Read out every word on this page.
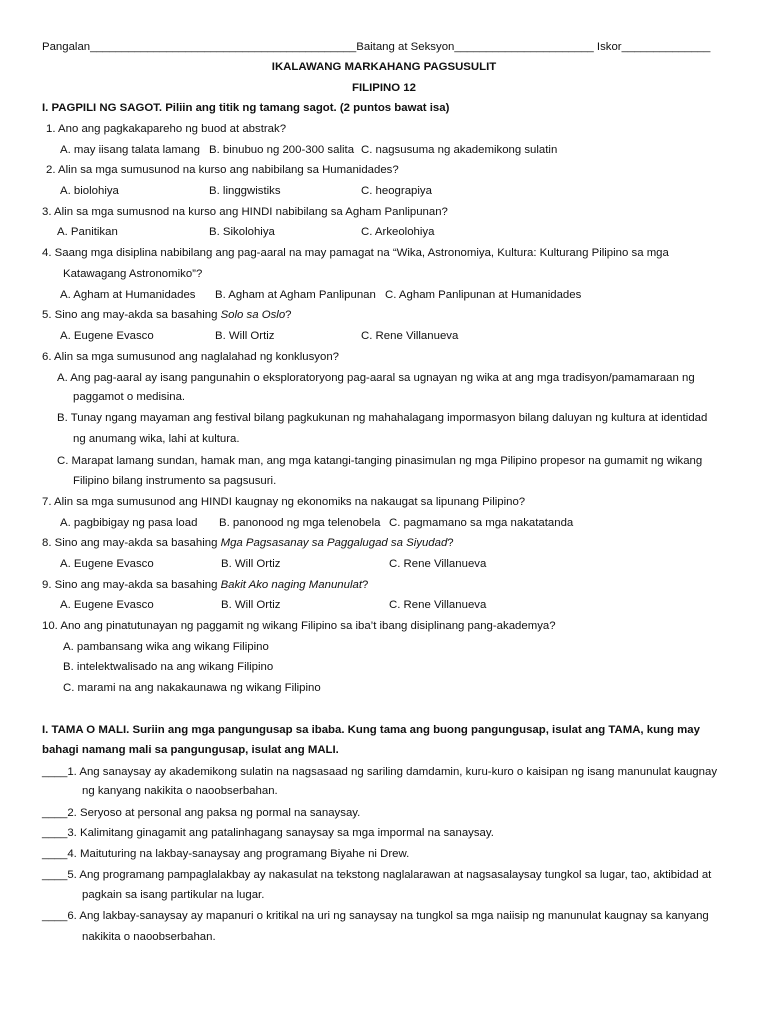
Pangalan__________________________________________Baitang at Seksyon______________________ Iskor______________
IKALAWANG MARKAHANG PAGSUSULIT
FILIPINO 12
I. PAGPILI NG SAGOT. Piliin ang titik ng tamang sagot. (2 puntos bawat isa)
1. Ano ang pagkakapareho ng buod at abstrak?
A. may iisang talata lamang B. binubuo ng 200-300 salita C. nagsusuma ng akademikong sulatin
2. Alin sa mga sumusunod na kurso ang nabibilang sa Humanidades?
A. biolohiya	B. linggwistiks	C. heograpiya
3. Alin sa mga sumusnod na kurso ang HINDI nabibilang sa Agham Panlipunan?
A. Panitikan	B. Sikolohiya	C. Arkeolohiya
4. Saang mga disiplina nabibilang ang pag-aaral na may pamagat na “Wika, Astronomiya, Kultura: Kulturang Pilipino sa mga
Katawagang Astronomiko”?
A. Agham at Humanidades B. Agham at Agham Panlipunan C. Agham Panlipunan at Humanidades
5. Sino ang may-akda sa basahing Solo sa Oslo?
A. Eugene Evasco	B. Will Ortiz	C. Rene Villanueva
6. Alin sa mga sumusunod ang naglalahad ng konklusyon?
A. Ang pag-aaral ay isang pangunahin o eksploratoryong pag-aaral sa ugnayan ng wika at ang mga tradisyon/pamamaraan ng
paggamot o medisina.
B. Tunay ngang mayaman ang festival bilang pagkukunan ng mahahalagang impormasyon bilang daluyan ng kultura at identidad
ng anumang wika, lahi at kultura.
C. Marapat lamang sundan, hamak man, ang mga katangi-tanging pinasimulan ng mga Pilipino propesor na gumamit ng wikang
Filipino bilang instrumento sa pagsusuri.
7. Alin sa mga sumusunod ang HINDI kaugnay ng ekonomiks na nakaugat sa lipunang Pilipino?
A. pagbibigay ng pasa load B. panonood ng mga telenobela C. pagmamano sa mga nakatatanda
8. Sino ang may-akda sa basahing Mga Pagsasanay sa Paggalugad sa Siyudad?
A. Eugene Evasco	B. Will Ortiz	C. Rene Villanueva
9. Sino ang may-akda sa basahing Bakit Ako naging Manunulat?
A. Eugene Evasco	B. Will Ortiz	C. Rene Villanueva
10. Ano ang pinatutunayan ng paggamit ng wikang Filipino sa iba’t ibang disiplinang pang-akademya?
A. pambansang wika ang wikang Filipino
B. intelektwalisado na ang wikang Filipino
C. marami na ang nakakaunawa ng wikang Filipino
I. TAMA O MALI. Suriin ang mga pangungusap sa ibaba. Kung tama ang buong pangungusap, isulat ang TAMA, kung may
bahagi namang mali sa pangungusap, isulat ang MALI.
____1. Ang sanaysay ay akademikong sulatin na nagsasaad ng sariling damdamin, kuru-kuro o kaisipan ng isang manunulat kaugnay
ng kanyang nakikita o naoobserbahan.
____2. Seryoso at personal ang paksa ng pormal na sanaysay.
____3. Kalimitang ginagamit ang patalinhagang sanaysay sa mga impormal na sanaysay.
____4. Maituturing na lakbay-sanaysay ang programang Biyahe ni Drew.
____5. Ang programang pampaglalakbay ay nakasulat na tekstong naglalarawan at nagsasalaysay tungkol sa lugar, tao, aktibidad at
pagkain sa isang partikular na lugar.
____6. Ang lakbay-sanaysay ay mapanuri o kritikal na uri ng sanaysay na tungkol sa mga naiisip ng manunulat kaugnay sa kanyang
nakikita o naoobserbahan.
